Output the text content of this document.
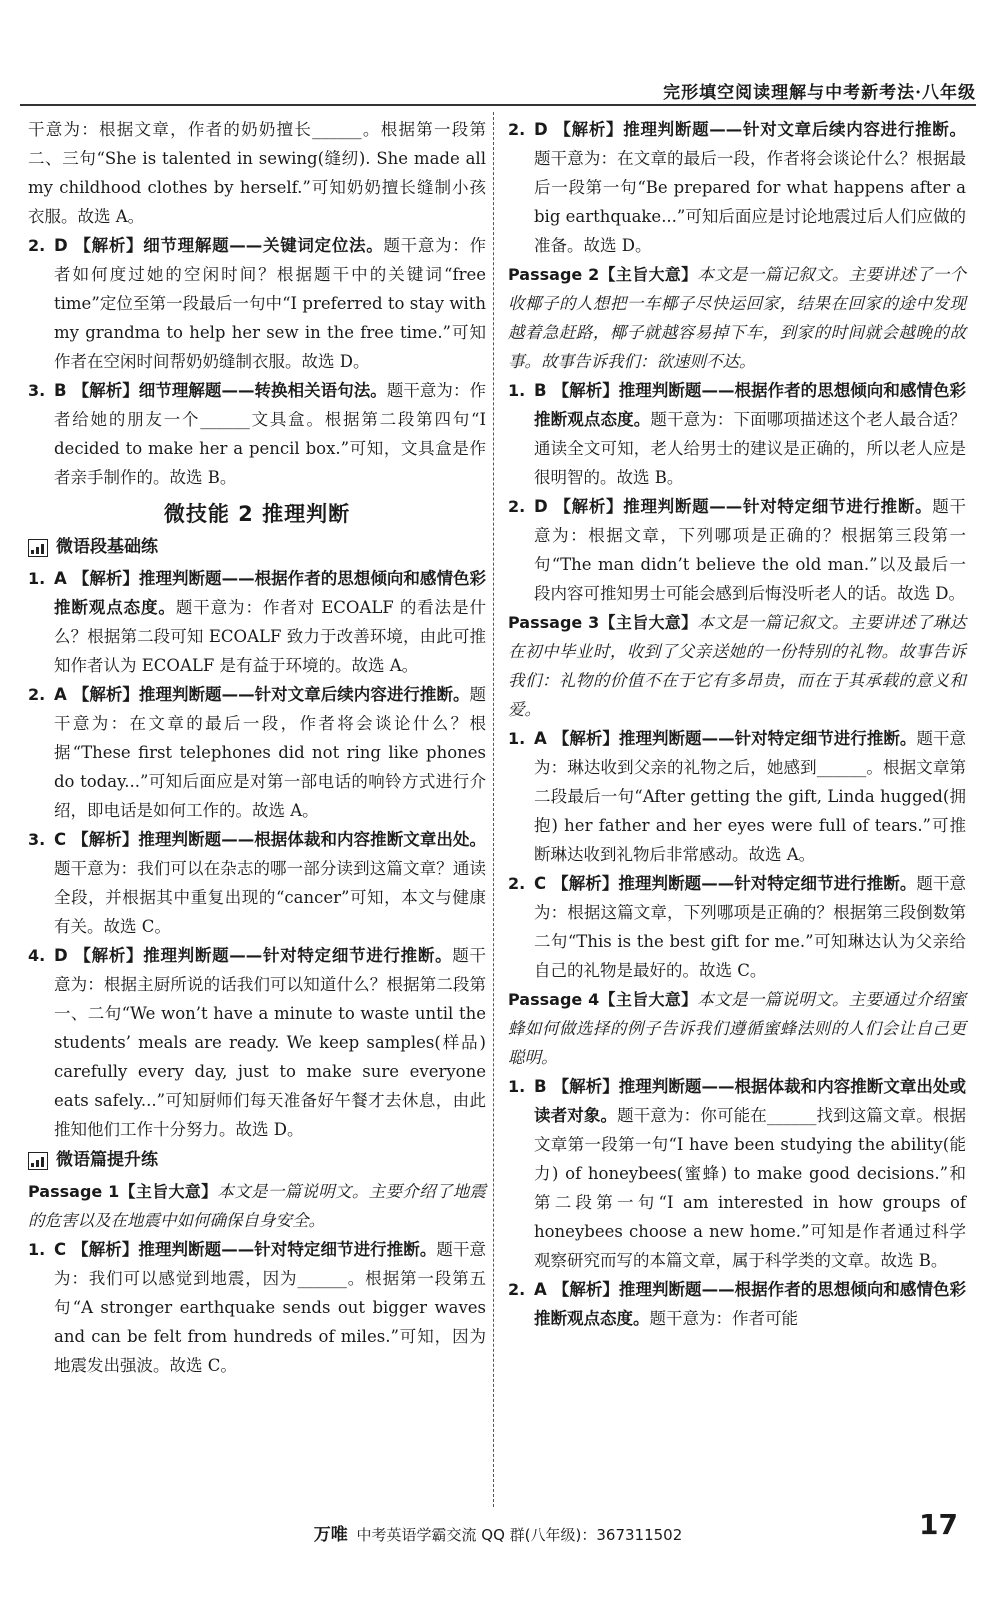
完形填空阅读理解与中考新考法·八年级

干意为：根据文章，作者的奶奶擅长______。根据第一段第二、三句“She is talented in sewing(缝纫). She made all my childhood clothes by herself.”可知奶奶擅长缝制小孩衣服。故选 A。

2. D 【解析】细节理解题——关键词定位法。题干意为：作者如何度过她的空闲时间？根据题干中的关键词“free time”定位至第一段最后一句中“I preferred to stay with my grandma to help her sew in the free time.”可知作者在空闲时间帮奶奶缝制衣服。故选 D。
3. B 【解析】细节理解题——转换相关语句法。题干意为：作者给她的朋友一个______文具盒。根据第二段第四句“I decided to make her a pencil box.”可知，文具盒是作者亲手制作的。故选 B。
微技能 2 推理判断
微语段基础练
1. A 【解析】推理判断题——根据作者的思想倾向和感情色彩推断观点态度。题干意为：作者对 ECOALF 的看法是什么？根据第二段可知 ECOALF 致力于改善环境，由此可推知作者认为 ECOALF 是有益于环境的。故选 A。
2. A 【解析】推理判断题——针对文章后续内容进行推断。题干意为：在文章的最后一段，作者将会谈论什么？根据“These first telephones did not ring like phones do today...”可知后面应是对第一部电话的响铃方式进行介绍，即电话是如何工作的。故选 A。
3. C 【解析】推理判断题——根据体裁和内容推断文章出处。题干意为：我们可以在杂志的哪一部分读到这篇文章？通读全段，并根据其中重复出现的“cancer”可知，本文与健康有关。故选 C。
4. D 【解析】推理判断题——针对特定细节进行推断。题干意为：根据主厨所说的话我们可以知道什么？根据第二段第一、二句“We won’t have a minute to waste until the students’ meals are ready. We keep samples(样品) carefully every day, just to make sure everyone eats safely...”可知厨师们每天准备好午餐才去休息，由此推知他们工作十分努力。故选 D。
微语篇提升练

Passage 1【主旨大意】本文是一篇说明文。主要介绍了地震的危害以及在地震中如何确保自身安全。

1. C 【解析】推理判断题——针对特定细节进行推断。题干意为：我们可以感觉到地震，因为______。根据第一段第五句“A stronger earthquake sends out bigger waves and can be felt from hundreds of miles.”可知，因为地震发出强波。故选 C。
2. D 【解析】推理判断题——针对文章后续内容进行推断。题干意为：在文章的最后一段，作者将会谈论什么？根据最后一段第一句“Be prepared for what happens after a big earthquake...”可知后面应是讨论地震过后人们应做的准备。故选 D。

Passage 2【主旨大意】本文是一篇记叙文。主要讲述了一个收椰子的人想把一车椰子尽快运回家，结果在回家的途中发现越着急赶路，椰子就越容易掉下车，到家的时间就会越晚的故事。故事告诉我们：欲速则不达。

1. B 【解析】推理判断题——根据作者的思想倾向和感情色彩推断观点态度。题干意为：下面哪项描述这个老人最合适？通读全文可知，老人给男士的建议是正确的，所以老人应是很明智的。故选 B。
2. D 【解析】推理判断题——针对特定细节进行推断。题干意为：根据文章，下列哪项是正确的？根据第三段第一句“The man didn’t believe the old man.”以及最后一段内容可推知男士可能会感到后悔没听老人的话。故选 D。

Passage 3【主旨大意】本文是一篇记叙文。主要讲述了琳达在初中毕业时，收到了父亲送她的一份特别的礼物。故事告诉我们：礼物的价值不在于它有多昂贵，而在于其承载的意义和爱。

1. A 【解析】推理判断题——针对特定细节进行推断。题干意为：琳达收到父亲的礼物之后，她感到______。根据文章第二段最后一句“After getting the gift, Linda hugged(拥抱) her father and her eyes were full of tears.”可推断琳达收到礼物后非常感动。故选 A。
2. C 【解析】推理判断题——针对特定细节进行推断。题干意为：根据这篇文章，下列哪项是正确的？根据第三段倒数第二句“This is the best gift for me.”可知琳达认为父亲给自己的礼物是最好的。故选 C。

Passage 4【主旨大意】本文是一篇说明文。主要通过介绍蜜蜂如何做选择的例子告诉我们遵循蜜蜂法则的人们会让自己更聪明。

1. B 【解析】推理判断题——根据体裁和内容推断文章出处或读者对象。题干意为：你可能在______找到这篇文章。根据文章第一段第一句“I have been studying the ability(能力) of honeybees(蜜蜂) to make good decisions.”和第二段第一句“I am interested in how groups of honeybees choose a new home.”可知是作者通过科学观察研究而写的本篇文章，属于科学类的文章。故选 B。
2. A 【解析】推理判断题——根据作者的思想倾向和感情色彩推断观点态度。题干意为：作者可能
万唯 中考英语学霸交流 QQ 群(八年级)：367311502	17
